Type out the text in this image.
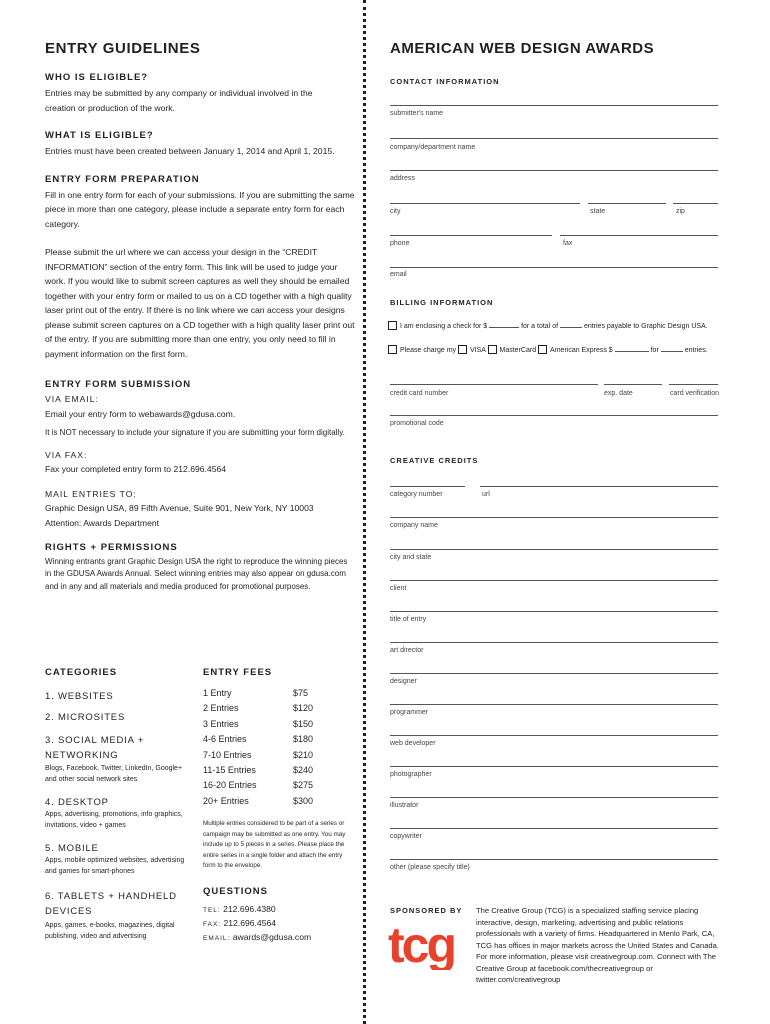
ENTRY GUIDELINES
WHO IS ELIGIBLE?
Entries may be submitted by any company or individual involved in the creation or production of the work.
WHAT IS ELIGIBLE?
Entries must have been created between January 1, 2014 and April 1, 2015.
ENTRY FORM PREPARATION
Fill in one entry form for each of your submissions. If you are submitting the same piece in more than one category, please include a separate entry form for each category.
Please submit the url where we can access your design in the “CREDIT INFORMATION” section of the entry form. This link will be used to judge your work. If you would like to submit screen captures as well they should be emailed together with your entry form or mailed to us on a CD together with a high quality laser print out of the entry. If there is no link where we can access your designs please submit screen captures on a CD together with a high quality laser print out of the entry. If you are submitting more than one entry, you only need to fill in payment information on the first form.
ENTRY FORM SUBMISSION
VIA EMAIL:
Email your entry form to webawards@gdusa.com.
It is NOT necessary to include your signature if you are submitting your form digitally.
VIA FAX:
Fax your completed entry form to 212.696.4564
MAIL ENTRIES TO:
Graphic Design USA, 89 Fifth Avenue, Suite 901, New York, NY 10003
Attention: Awards Department
RIGHTS + PERMISSIONS
Winning entrants grant Graphic Design USA the right to reproduce the winning pieces in the GDUSA Awards Annual. Select winning entries may also appear on gdusa.com and in any and all materials and media produced for promotional purposes.
CATEGORIES
1. WEBSITES
2. MICROSITES
3. SOCIAL MEDIA + NETWORKING
Blogs, Facebook, Twitter, LinkedIn, Google+ and other social network sites
4. DESKTOP
Apps, advertising, promotions, info graphics, invitations, video + games
5. MOBILE
Apps, mobile optimized websites, advertising and games for smart-phones
6. TABLETS + HANDHELD DEVICES
Apps, games, e-books, magazines, digital publishing, video and advertising
ENTRY FEES
1 Entry	$75
2 Entries	$120
3 Entries	$150
4-6 Entries	$180
7-10 Entries	$210
11-15 Entries	$240
16-20 Entries	$275
20+ Entries	$300
Multiple entries considered to be part of a series or campaign may be submitted as one entry. You may include up to 5 pieces in a series. Please place the entire series in a single folder and attach the entry form to the envelope.
QUESTIONS
TEL: 212.696.4380
FAX: 212.696.4564
EMAIL: awards@gdusa.com
AMERICAN WEB DESIGN AWARDS
CONTACT INFORMATION
submitter's name
company/department name
address
city	state	zip
phone	fax
email
BILLING INFORMATION
I am enclosing a check for $	for a total of	entries payable to Graphic Design USA.
Please charge my VISA MasterCard American Express $	for	entries.
credit card number	exp. date	card verification
promotional code
CREATIVE CREDITS
category number	url
company name
city and state
client
title of entry
art director
designer
programmer
web developer
photographer
illustrator
copywriter
other (please specify title)
SPONSORED BY
tcg
The Creative Group (TCG) is a specialized staffing service placing interactive, design, marketing, advertising and public relations professionals with a variety of firms. Headquartered in Menlo Park, CA, TCG has offices in major markets across the United States and Canada. For more information, please visit creativegroup.com. Connect with The Creative Group at facebook.com/thecreativegroup or twitter.com/creativegroup
